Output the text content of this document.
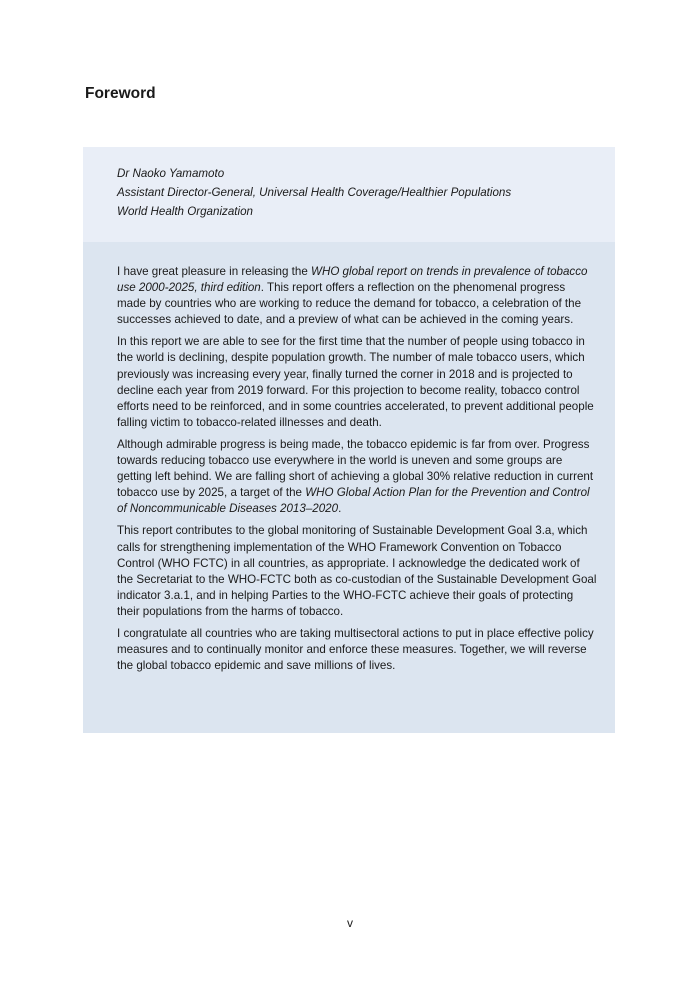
Foreword

Dr Naoko Yamamoto

Assistant Director-General, Universal Health Coverage/Healthier Populations

World Health Organization

I have great pleasure in releasing the WHO global report on trends in prevalence of tobacco use 2000-2025, third edition. This report offers a reflection on the phenomenal progress made by countries who are working to reduce the demand for tobacco, a celebration of the successes achieved to date, and a preview of what can be achieved in the coming years.

In this report we are able to see for the first time that the number of people using tobacco in the world is declining, despite population growth. The number of male tobacco users, which previously was increasing every year, finally turned the corner in 2018 and is projected to decline each year from 2019 forward. For this projection to become reality, tobacco control efforts need to be reinforced, and in some countries accelerated, to prevent additional people falling victim to tobacco-related illnesses and death.

Although admirable progress is being made, the tobacco epidemic is far from over. Progress towards reducing tobacco use everywhere in the world is uneven and some groups are getting left behind. We are falling short of achieving a global 30% relative reduction in current tobacco use by 2025, a target of the WHO Global Action Plan for the Prevention and Control of Noncommunicable Diseases 2013–2020.

This report contributes to the global monitoring of Sustainable Development Goal 3.a, which calls for strengthening implementation of the WHO Framework Convention on Tobacco Control (WHO FCTC) in all countries, as appropriate. I acknowledge the dedicated work of the Secretariat to the WHO-FCTC both as co-custodian of the Sustainable Development Goal indicator 3.a.1, and in helping Parties to the WHO-FCTC achieve their goals of protecting their populations from the harms of tobacco.

I congratulate all countries who are taking multisectoral actions to put in place effective policy measures and to continually monitor and enforce these measures. Together, we will reverse the global tobacco epidemic and save millions of lives.

v
